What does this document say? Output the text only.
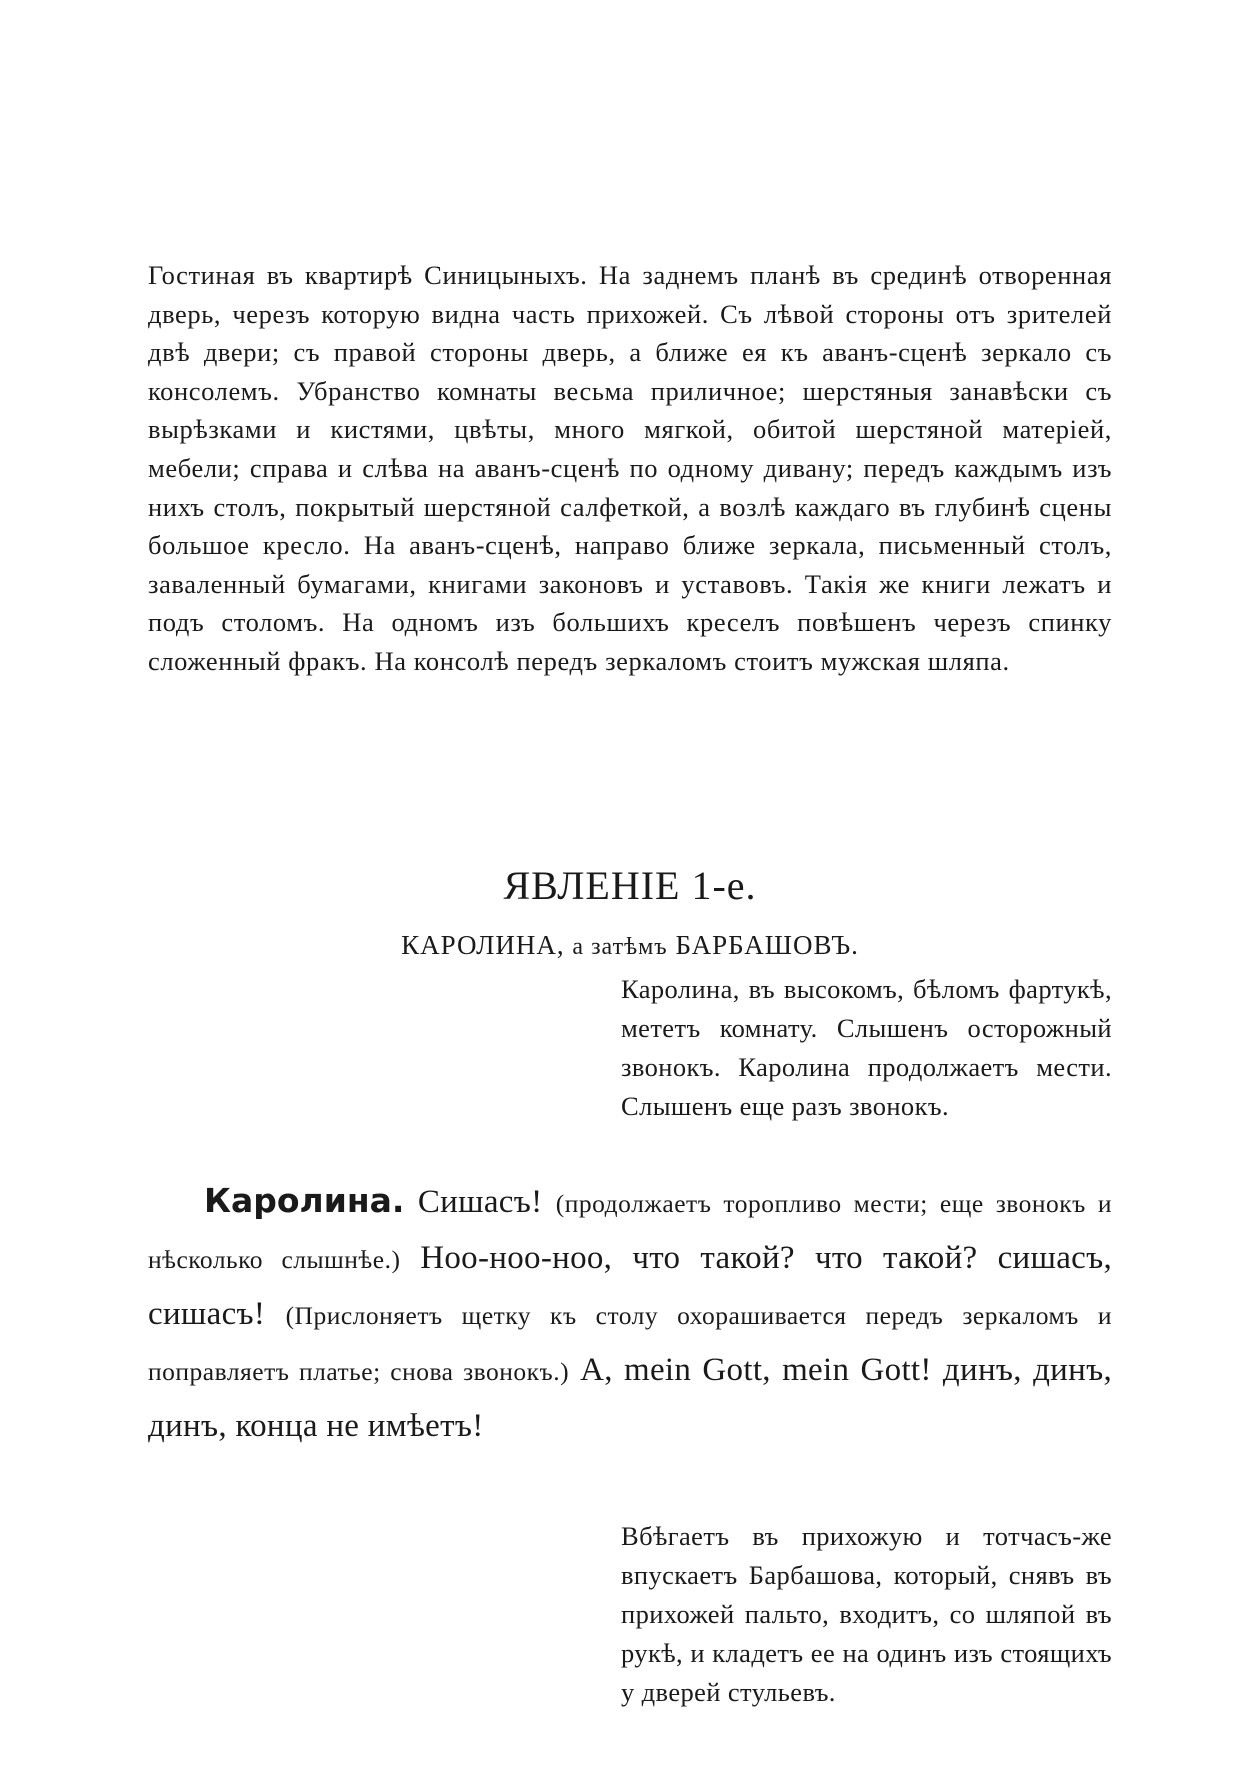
Гостиная въ квартирѣ Синицыныхъ. На заднемъ планѣ въ срединѣ отворенная дверь, черезъ которую видна часть прихожей. Съ лѣвой стороны отъ зрителей двѣ двери; съ правой стороны дверь, а ближе ея къ аванъ-сценѣ зеркало съ консолемъ. Убранство комнаты весьма приличное; шерстяныя занавѣски съ вырѣзками и кистями, цвѣты, много мягкой, обитой шерстяной матеріей, мебели; справа и слѣва на аванъ-сценѣ по одному дивану; передъ каждымъ изъ нихъ столъ, покрытый шерстяной салфеткой, а возлѣ каждаго въ глубинѣ сцены большое кресло. На аванъ-сценѣ, направо ближе зеркала, письменный столъ, заваленный бумагами, книгами законовъ и уставовъ. Такія же книги лежатъ и подъ столомъ. На одномъ изъ большихъ креселъ повѣшенъ черезъ спинку сложенный фракъ. На консолѣ передъ зеркаломъ стоитъ мужская шляпа.

ЯВЛЕНІЕ 1-е.

КАРОЛИНА, а затѣмъ БАРБАШОВЪ.

Каролина, въ высокомъ, бѣломъ фартукѣ, мететъ комнату. Слышенъ осторожный звонокъ. Каролина продолжаетъ мести. Слышенъ еще разъ звонокъ.

Каролина. Сишасъ! (продолжаетъ торопливо мести; еще звонокъ и нѣсколько слышнѣе.) Ноо-ноо-ноо, что такой? что такой? сишасъ, сишасъ! (Прислоняетъ щетку къ столу охорашивается передъ зеркаломъ и поправляетъ платье; снова звонокъ.) А, mein Gott, mein Gott! динъ, динъ, динъ, конца не имѣетъ!

Вбѣгаетъ въ прихожую и тотчасъ-же впускаетъ Барбашова, который, снявъ въ прихожей пальто, входитъ, со шляпой въ рукѣ, и кладетъ ее на одинъ изъ стоящихъ у дверей стульевъ.
